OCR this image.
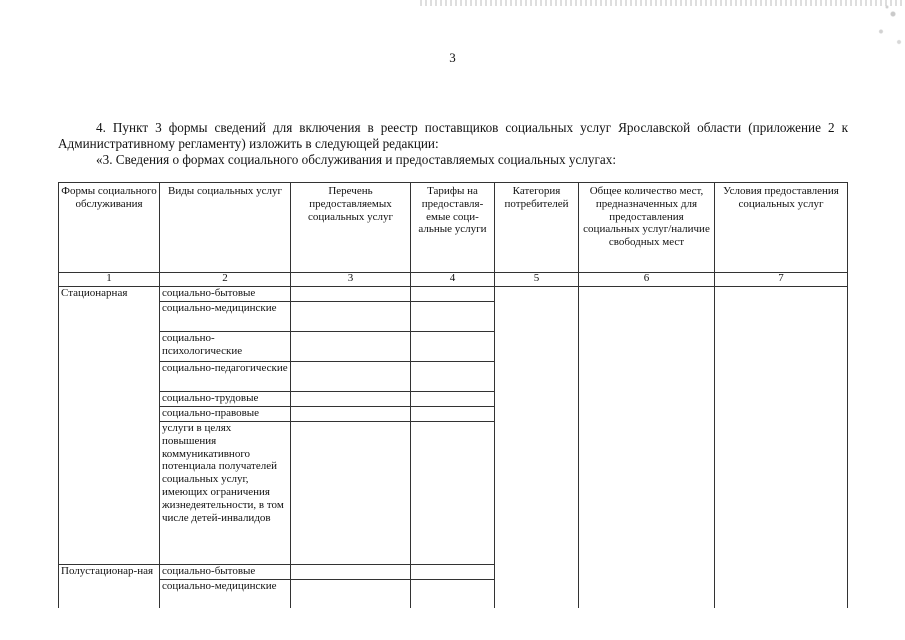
3

4. Пункт 3 формы сведений для включения в реестр поставщиков социальных услуг Ярославской области (приложение 2 к Административному регламенту) изложить в следующей редакции:

«3. Сведения о формах социального обслуживания и предоставляемых социальных услугах:

Формы социального обслуживания	Виды социальных услуг	Перечень предоставляемых социальных услуг	Тарифы на предоставля-емые соци-альные услуги	Категория потребителей	Общее количество мест, предназначенных для предоставления социальных услуг/наличие свободных мест	Условия предоставления социальных услуг
1	2	3	4	5	6	7
Стационарная	социально-бытовые					
	социально-медицинские					
	социально-психологические					
	социально-педагогические					
	социально-трудовые					
	социально-правовые					
	услуги в целях повышения коммуникативного потенциала получателей социальных услуг, имеющих ограничения жизнедеятельности, в том числе детей-инвалидов					
Полустационар-ная	социально-бытовые					
	социально-медицинские					
